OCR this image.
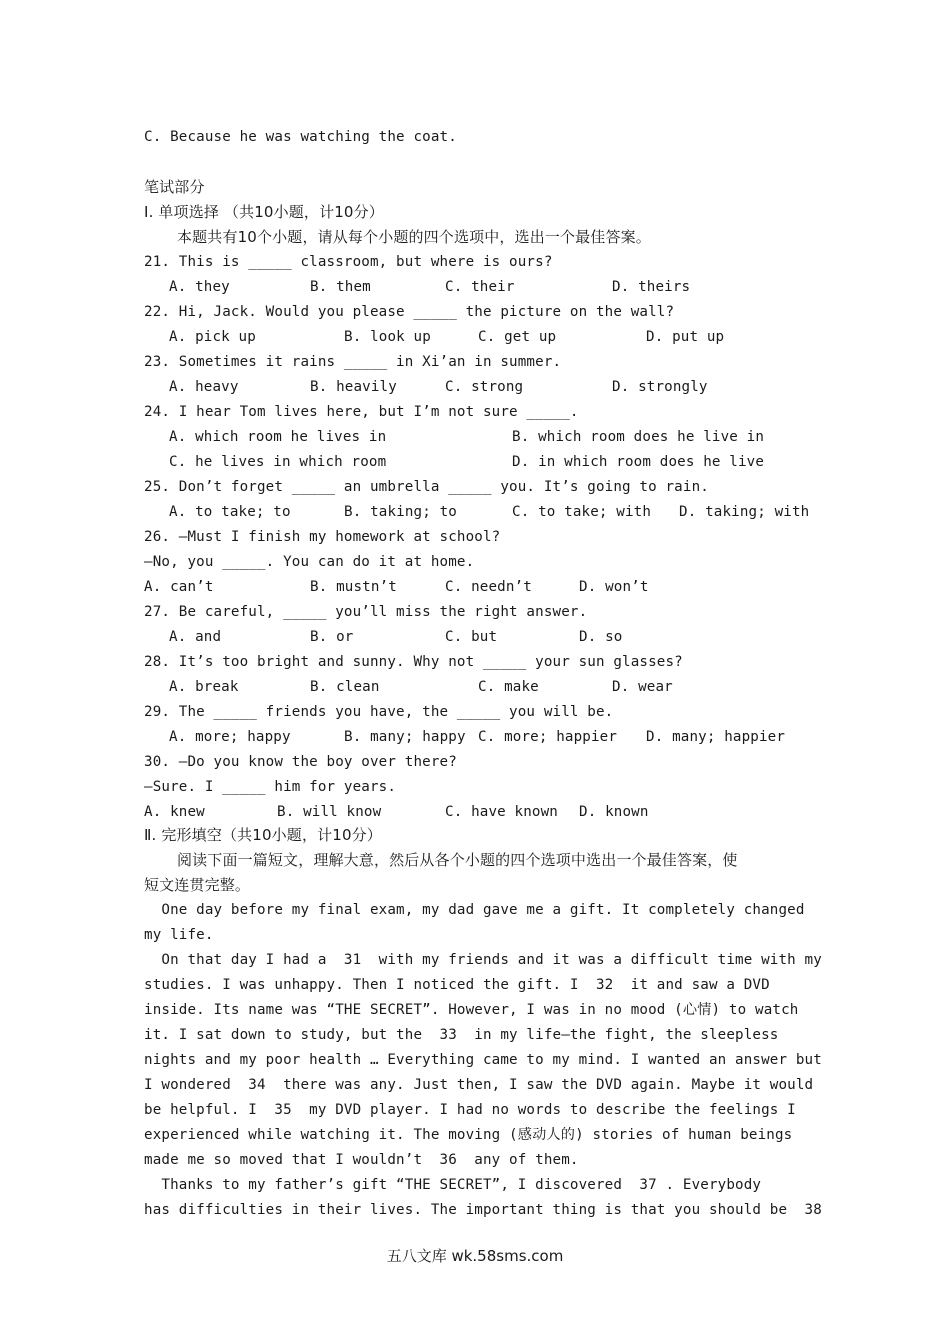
C. Because he was watching the coat.
笔试部分
Ⅰ. 单项选择 （共10小题，计10分）
本题共有10个小题，请从每个小题的四个选项中，选出一个最佳答案。
21. This is _____ classroom, but where is ours?

A. they

	B. them

	C. their

	D. theirs

22. Hi, Jack. Would you please _____ the picture on the wall?

A. pick up

	B. look up

	C. get up

	D. put up

23. Sometimes it rains _____ in Xi’an in summer.

A. heavy

	B. heavily

	C. strong

	D. strongly

24. I hear Tom lives here, but I’m not sure _____.

A. which room he lives in

	B. which room does he live in

C. he lives in which room

	D. in which room does he live

25. Don’t forget _____ an umbrella _____ you. It’s going to rain.

A. to take; to

	B. taking; to

	C. to take; with

D. taking; with

26. —Must I finish my homework at school?
—No, you _____. You can do it at home.

A. can’t

	B. mustn’t

	C. needn’t

	D. won’t

27. Be careful, _____ you’ll miss the right answer.

A. and

	B. or

	C. but

	D. so

28. It’s too bright and sunny. Why not _____ your sun glasses?

A. break

	B. clean

	C. make

	D. wear

29. The _____ friends you have, the _____ you will be.

A. more; happy

	B. many; happy

C. more; happier

D. many; happier

30. —Do you know the boy over there?
—Sure. I _____ him for years.

A. knew

	B. will know

	C. have known

D. known

Ⅱ. 完形填空（共10小题，计10分）
阅读下面一篇短文，理解大意，然后从各个小题的四个选项中选出一个最佳答案，使
短文连贯完整。
One day before my final exam, my dad gave me a gift. It completely changed
my life.
On that day I had a  31  with my friends and it was a difficult time with my
studies. I was unhappy. Then I noticed the gift. I  32  it and saw a DVD
inside. Its name was “THE SECRET”. However, I was in no mood (心情) to watch
it. I sat down to study, but the  33  in my life—the fight, the sleepless
nights and my poor health … Everything came to my mind. I wanted an answer but
I wondered  34  there was any. Just then, I saw the DVD again. Maybe it would
be helpful. I  35  my DVD player. I had no words to describe the feelings I
experienced while watching it. The moving (感动人的) stories of human beings
made me so moved that I wouldn’t  36  any of them.
Thanks to my father’s gift “THE SECRET”, I discovered  37 . Everybody
has difficulties in their lives. The important thing is that you should be  38
五八文库 wk.58sms.com
